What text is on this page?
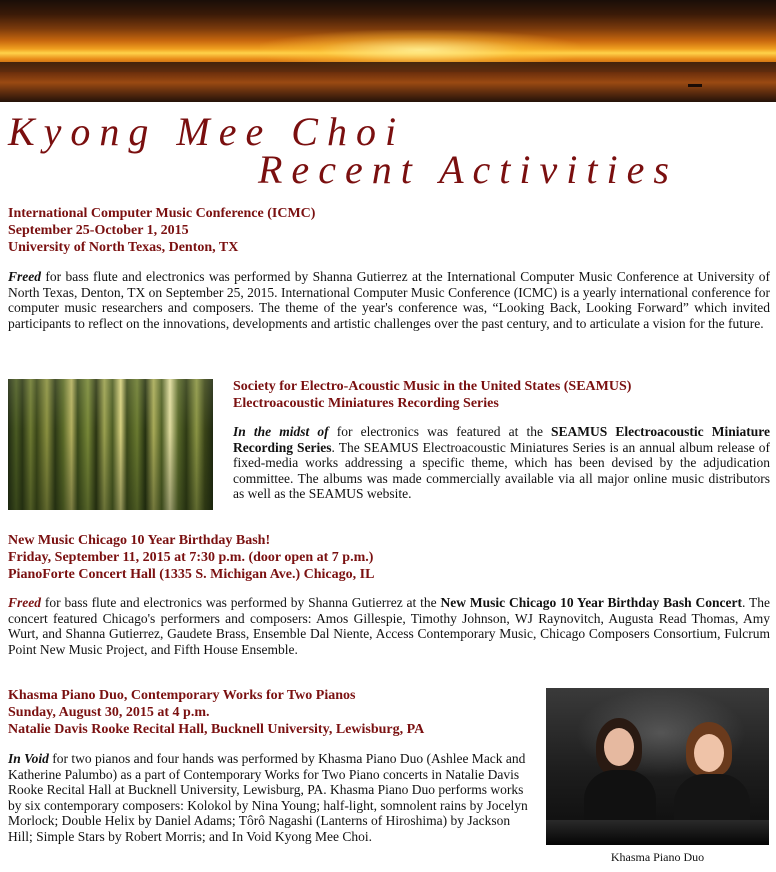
Kyong Mee Choi
Recent Activities
International Computer Music Conference (ICMC)
September 25-October 1, 2015
University of North Texas, Denton, TX

Freed for bass flute and electronics was performed by Shanna Gutierrez at the International Computer Music Conference at University of North Texas, Denton, TX on September 25, 2015. International Computer Music Conference (ICMC) is a yearly international conference for computer music researchers and composers. The theme of the year's conference was, “Looking Back, Looking Forward” which invited participants to reflect on the innovations, developments and artistic challenges over the past century, and to articulate a vision for the future.

Society for Electro-Acoustic Music in the United States (SEAMUS)
Electroacoustic Miniatures Recording Series

In the midst of for electronics was featured at the SEAMUS Electroacoustic Miniature Recording Series. The SEAMUS Electroacoustic Miniatures Series is an annual album release of fixed-media works addressing a specific theme, which has been devised by the adjudication committee. The albums was made commercially available via all major online music distributors as well as the SEAMUS website.

New Music Chicago 10 Year Birthday Bash!
Friday, September 11, 2015 at 7:30 p.m. (door open at 7 p.m.)
PianoForte Concert Hall (1335 S. Michigan Ave.) Chicago, IL

Freed for bass flute and electronics was performed by Shanna Gutierrez at the New Music Chicago 10 Year Birthday Bash Concert. The concert featured Chicago's performers and composers: Amos Gillespie, Timothy Johnson, WJ Raynovitch, Augusta Read Thomas, Amy Wurt, and Shanna Gutierrez, Gaudete Brass, Ensemble Dal Niente, Access Contemporary Music, Chicago Composers Consortium, Fulcrum Point New Music Project, and Fifth House Ensemble.

Khasma Piano Duo, Contemporary Works for Two Pianos
Sunday, August 30, 2015 at 4 p.m.
Natalie Davis Rooke Recital Hall, Bucknell University, Lewisburg, PA

In Void for two pianos and four hands was performed by Khasma Piano Duo (Ashlee Mack and Katherine Palumbo) as a part of Contemporary Works for Two Piano concerts in Natalie Davis Rooke Recital Hall at Bucknell University, Lewisburg, PA. Khasma Piano Duo performs works by six contemporary composers: Kolokol by Nina Young; half-light, somnolent rains by Jocelyn Morlock; Double Helix by Daniel Adams; Tôrô Nagashi (Lanterns of Hiroshima) by Jackson Hill; Simple Stars by Robert Morris; and In Void Kyong Mee Choi.

Khasma Piano Duo
